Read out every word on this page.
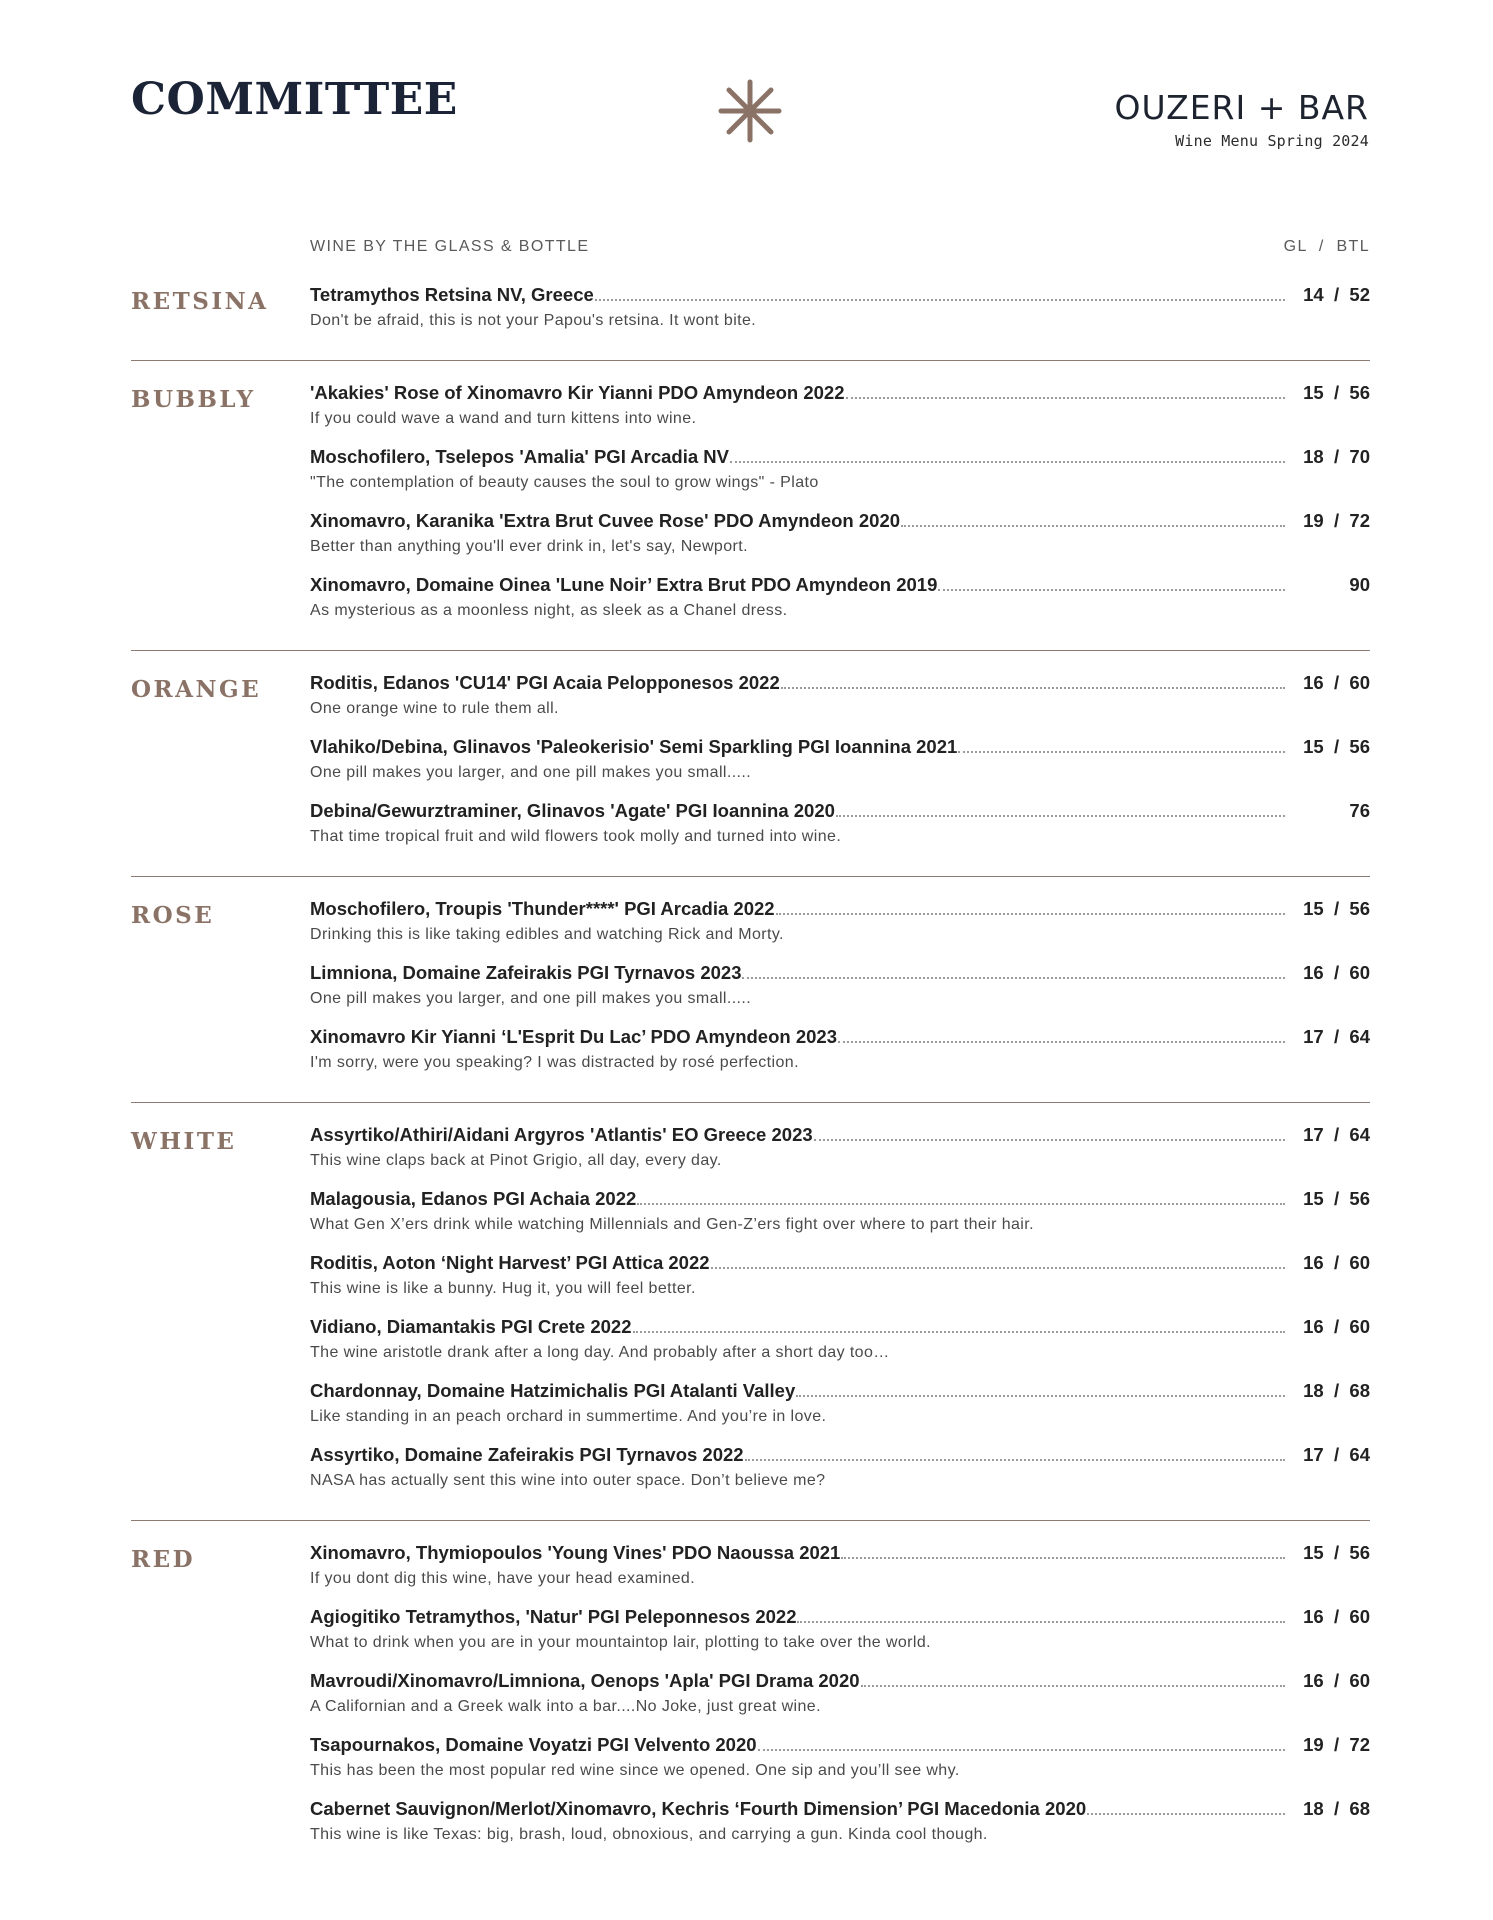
COMMITTEE	OUZERI + BAR
Wine Menu Spring 2024
WINE BY THE GLASS & BOTTLE	GL  /  BTL
RETSINA	Tetramythos Retsina NV, Greece	14  /  52
Don't be afraid, this is not your Papou's retsina. It wont bite.
BUBBLY	'Akakies' Rose of Xinomavro Kir Yianni PDO Amyndeon 2022	15  /  56
If you could wave a wand and turn kittens into wine.
Moschofilero, Tselepos 'Amalia' PGI Arcadia NV	18  /  70
"The contemplation of beauty causes the soul to grow wings" - Plato
Xinomavro, Karanika 'Extra Brut Cuvee Rose' PDO Amyndeon 2020	19  /  72
Better than anything you'll ever drink in, let's say, Newport.
Xinomavro, Domaine Oinea 'Lune Noir’ Extra Brut PDO Amyndeon 2019	90
As mysterious as a moonless night, as sleek as a Chanel dress.
ORANGE	Roditis, Edanos 'CU14' PGI Acaia Pelopponesos 2022	16  /  60
One orange wine to rule them all.
Vlahiko/Debina, Glinavos 'Paleokerisio' Semi Sparkling PGI Ioannina 2021	15  /  56
One pill makes you larger, and one pill makes you small.....
Debina/Gewurztraminer, Glinavos 'Agate' PGI Ioannina 2020	76
That time tropical fruit and wild flowers took molly and turned into wine.
ROSE	Moschofilero, Troupis 'Thunder****' PGI Arcadia 2022	15  /  56
Drinking this is like taking edibles and watching Rick and Morty.
Limniona, Domaine Zafeirakis PGI Tyrnavos 2023	16  /  60
One pill makes you larger, and one pill makes you small.....
Xinomavro Kir Yianni ‘L'Esprit Du Lac’ PDO Amyndeon 2023	17  /  64
I'm sorry, were you speaking? I was distracted by rosé perfection.
WHITE	Assyrtiko/Athiri/Aidani Argyros 'Atlantis' EO Greece 2023	17  /  64
This wine claps back at Pinot Grigio, all day, every day.
Malagousia, Edanos PGI Achaia 2022	15  /  56
What Gen X’ers drink while watching Millennials and Gen-Z’ers fight over where to part their hair.
Roditis, Aoton ‘Night Harvest’ PGI Attica 2022	16  /  60
This wine is like a bunny. Hug it, you will feel better.
Vidiano, Diamantakis PGI Crete 2022	16  /  60
The wine aristotle drank after a long day. And probably after a short day too…
Chardonnay, Domaine Hatzimichalis PGI Atalanti Valley	18  /  68
Like standing in an peach orchard in summertime. And you’re in love.
Assyrtiko, Domaine Zafeirakis PGI Tyrnavos 2022	17  /  64
NASA has actually sent this wine into outer space. Don’t believe me?
RED	Xinomavro, Thymiopoulos 'Young Vines' PDO Naoussa 2021	15  /  56
If you dont dig this wine, have your head examined.
Agiogitiko Tetramythos, 'Natur' PGI Peleponnesos 2022	16  /  60
What to drink when you are in your mountaintop lair, plotting to take over the world.
Mavroudi/Xinomavro/Limniona, Oenops 'Apla' PGI Drama 2020	16  /  60
A Californian and a Greek walk into a bar....No Joke, just great wine.
Tsapournakos, Domaine Voyatzi PGI Velvento 2020	19  /  72
This has been the most popular red wine since we opened. One sip and you’ll see why.
Cabernet Sauvignon/Merlot/Xinomavro, Kechris ‘Fourth Dimension’ PGI Macedonia 2020	18  /  68
This wine is like Texas: big, brash, loud, obnoxious, and carrying a gun. Kinda cool though.
